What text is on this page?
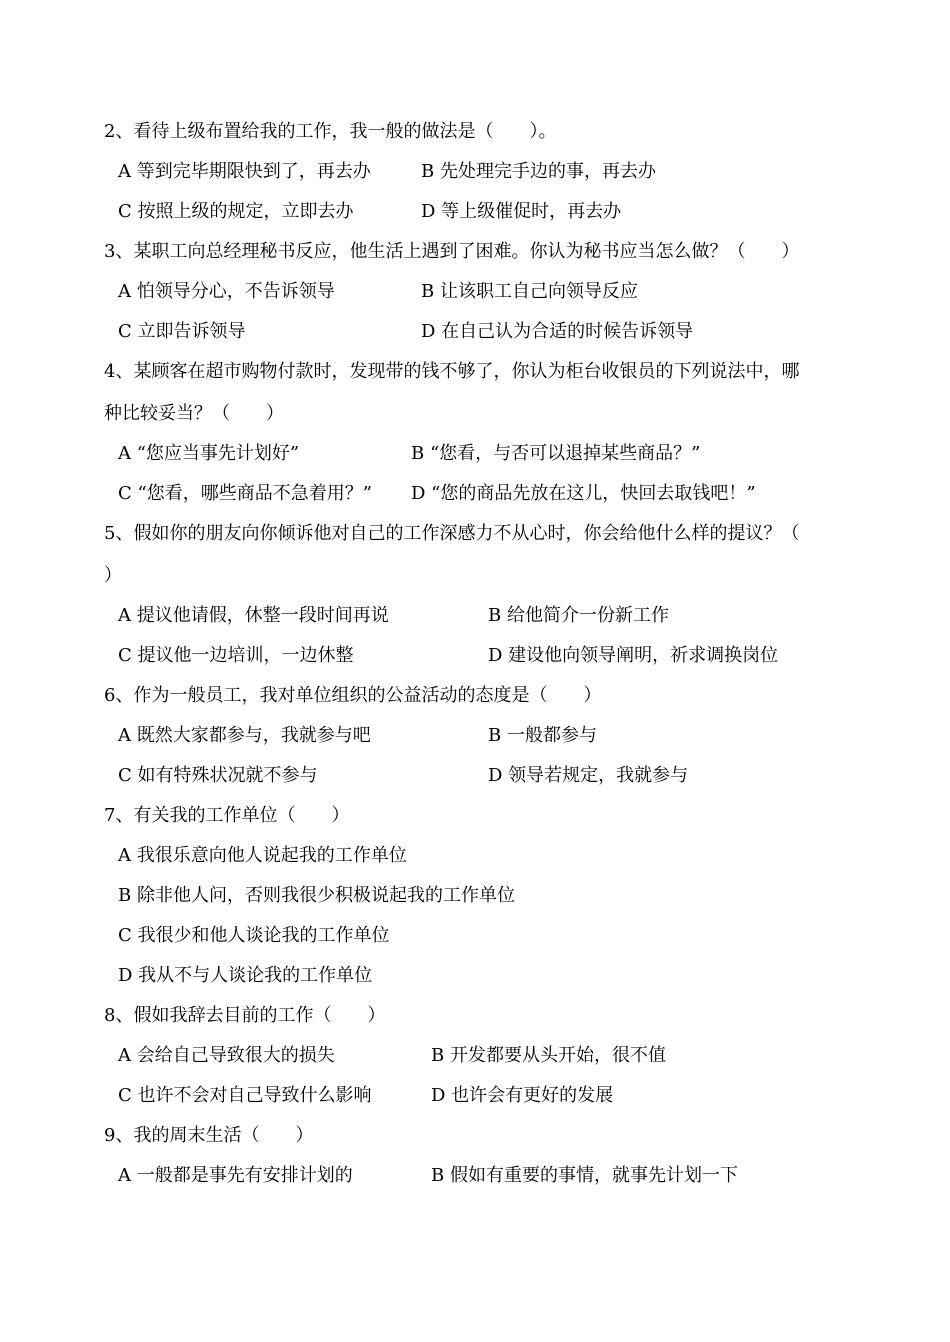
2、看待上级布置给我的工作，我一般的做法是（　　）。
A 等到完毕期限快到了，再去办	B 先处理完手边的事，再去办
C 按照上级的规定，立即去办	D 等上级催促时，再去办
3、某职工向总经理秘书反应，他生活上遇到了困难。你认为秘书应当怎么做？（　　）
A 怕领导分心，不告诉领导	B 让该职工自己向领导反应
C 立即告诉领导	D 在自己认为合适的时候告诉领导
4、某顾客在超市购物付款时，发现带的钱不够了，你认为柜台收银员的下列说法中，哪
种比较妥当？（　　）
A “您应当事先计划好”	B “您看，与否可以退掉某些商品？”
C “您看，哪些商品不急着用？” D “您的商品先放在这儿，快回去取钱吧！”
5、假如你的朋友向你倾诉他对自己的工作深感力不从心时，你会给他什么样的提议？（
）
A 提议他请假，休整一段时间再说	B 给他简介一份新工作
C 提议他一边培训，一边休整	D 建设他向领导阐明，祈求调换岗位
6、作为一般员工，我对单位组织的公益活动的态度是（　　）
A 既然大家都参与，我就参与吧	B 一般都参与
C 如有特殊状况就不参与	D 领导若规定，我就参与
7、有关我的工作单位（　　）
A 我很乐意向他人说起我的工作单位
B 除非他人问，否则我很少积极说起我的工作单位
C 我很少和他人谈论我的工作单位
D 我从不与人谈论我的工作单位
8、假如我辞去目前的工作（　　）
A 会给自己导致很大的损失	B 开发都要从头开始，很不值
C 也许不会对自己导致什么影响	D 也许会有更好的发展
9、我的周末生活（　　）
A 一般都是事先有安排计划的	B 假如有重要的事情，就事先计划一下
